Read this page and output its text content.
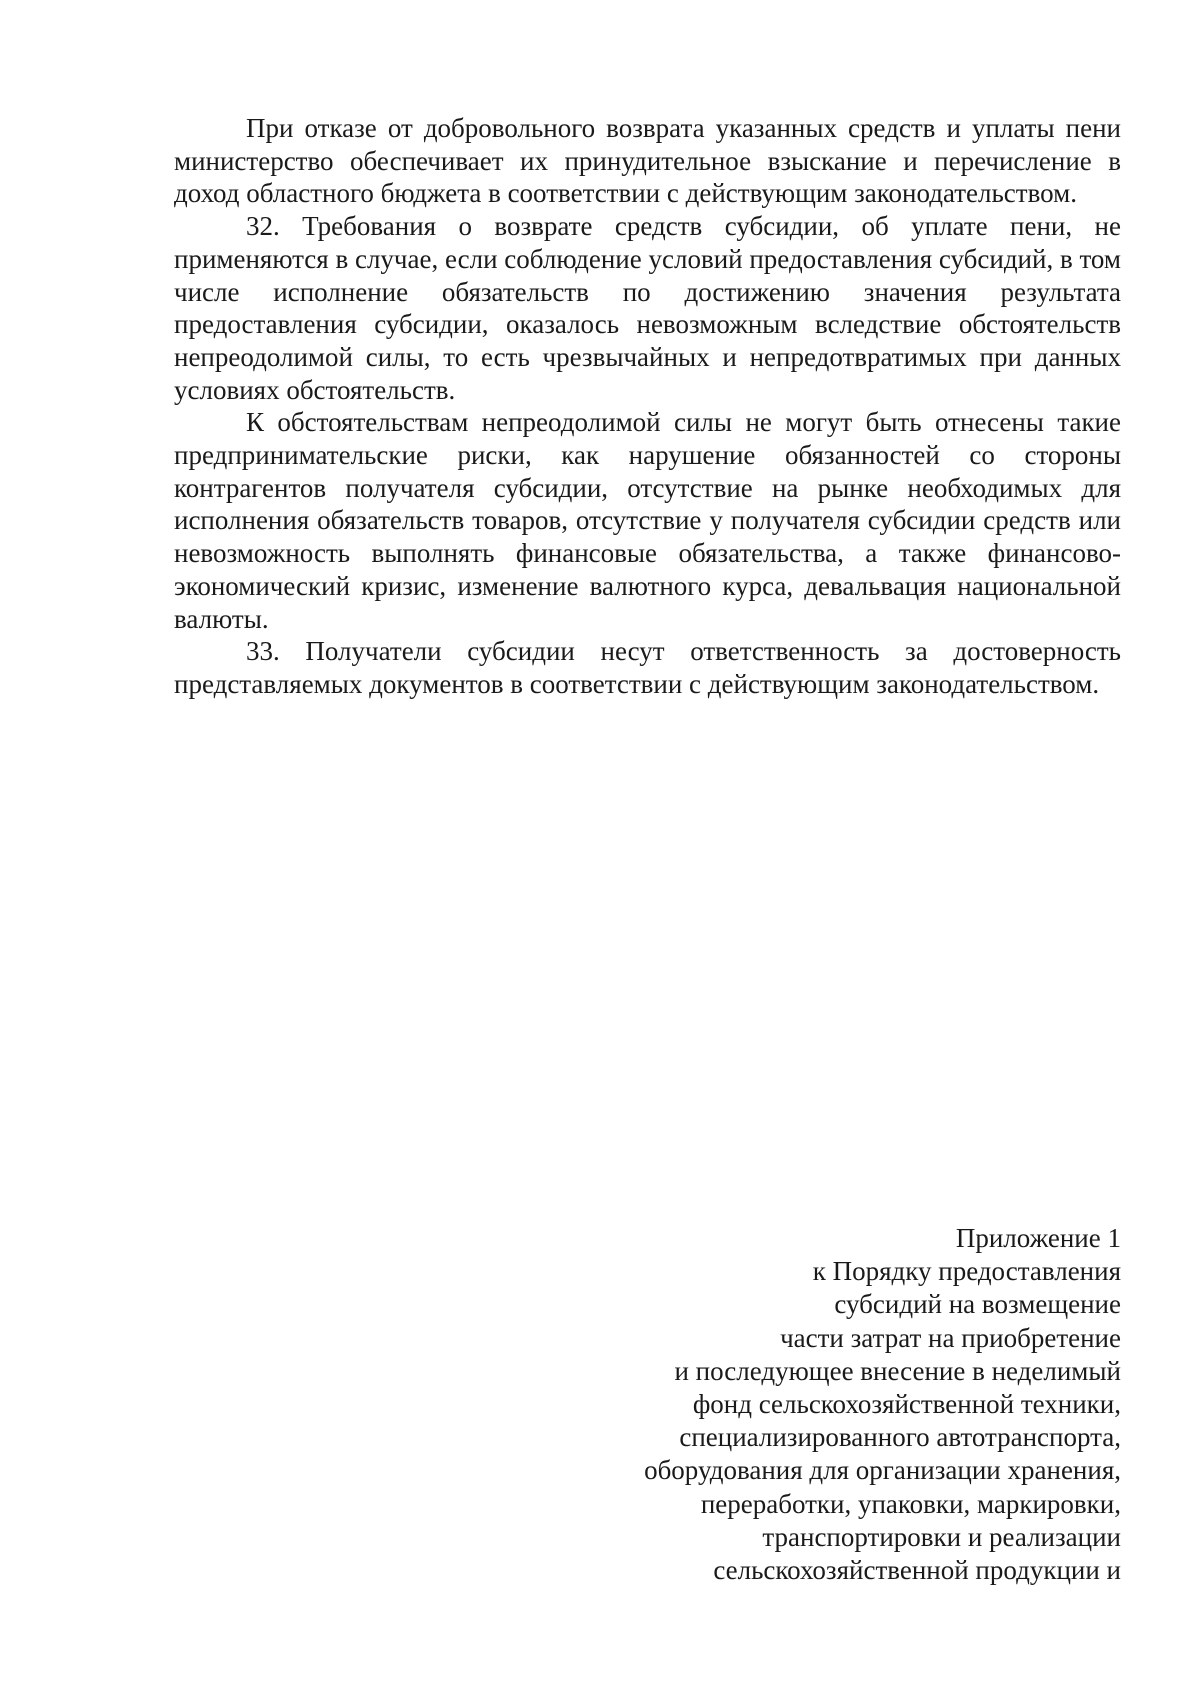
При отказе от добровольного возврата указанных средств и уплаты пени министерство обеспечивает их принудительное взыскание и перечисление в доход областного бюджета в соответствии с действующим законодательством.

32. Требования о возврате средств субсидии, об уплате пени, не применяются в случае, если соблюдение условий предоставления субсидий, в том числе исполнение обязательств по достижению значения результата предоставления субсидии, оказалось невозможным вследствие обстоятельств непреодолимой силы, то есть чрезвычайных и непредотвратимых при данных условиях обстоятельств.

К обстоятельствам непреодолимой силы не могут быть отнесены такие предпринимательские риски, как нарушение обязанностей со стороны контрагентов получателя субсидии, отсутствие на рынке необходимых для исполнения обязательств товаров, отсутствие у получателя субсидии средств или невозможность выполнять финансовые обязательства, а также финансово-экономический кризис, изменение валютного курса, девальвация национальной валюты.

33. Получатели субсидии несут ответственность за достоверность представляемых документов в соответствии с действующим законодательством.

Приложение 1
к Порядку предоставления
субсидий на возмещение
части затрат на приобретение
и последующее внесение в неделимый
фонд сельскохозяйственной техники,
специализированного автотранспорта,
оборудования для организации хранения,
переработки, упаковки, маркировки,
транспортировки и реализации
сельскохозяйственной продукции и
